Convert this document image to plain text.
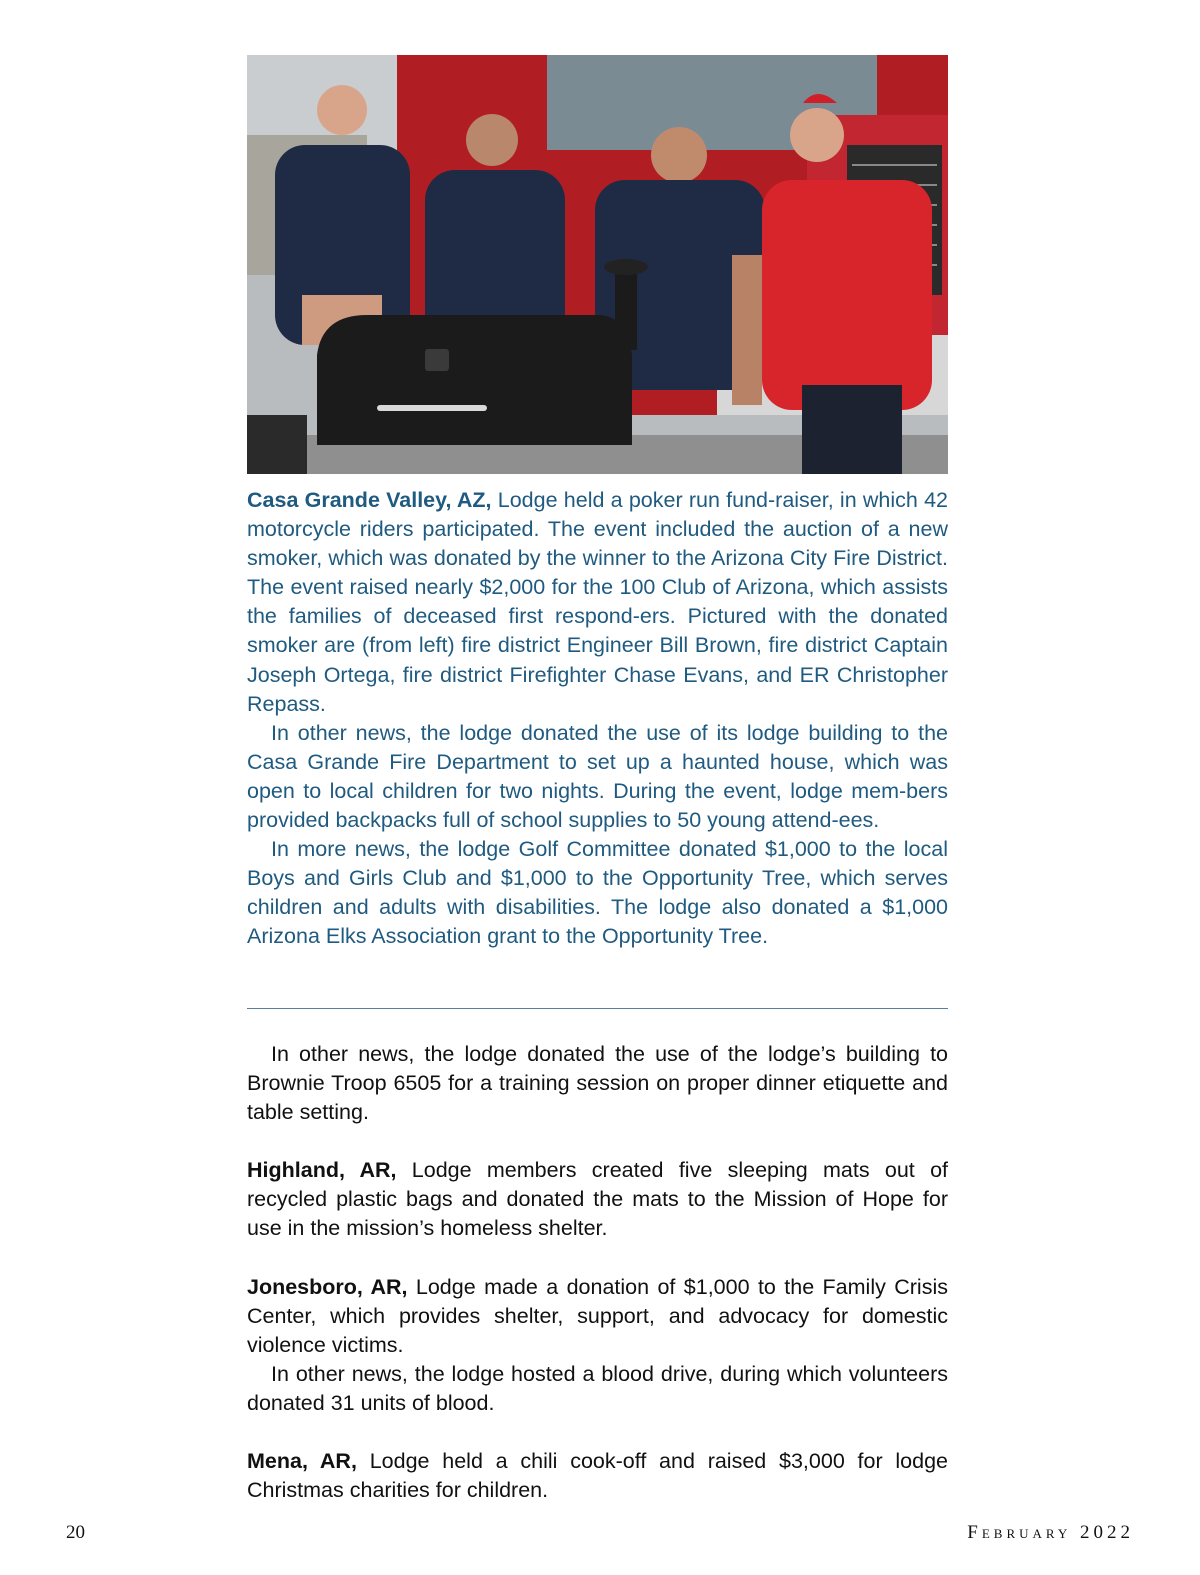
Casa Grande Valley, AZ, Lodge held a poker run fund-raiser, in which 42 motorcycle riders participated. The event included the auction of a new smoker, which was donated by the winner to the Arizona City Fire District. The event raised nearly $2,000 for the 100 Club of Arizona, which assists the families of deceased first respond-ers. Pictured with the donated smoker are (from left) fire district Engineer Bill Brown, fire district Captain Joseph Ortega, fire district Firefighter Chase Evans, and ER Christopher Repass.

In other news, the lodge donated the use of its lodge building to the Casa Grande Fire Department to set up a haunted house, which was open to local children for two nights. During the event, lodge mem-bers provided backpacks full of school supplies to 50 young attend-ees.

In more news, the lodge Golf Committee donated $1,000 to the local Boys and Girls Club and $1,000 to the Opportunity Tree, which serves children and adults with disabilities. The lodge also donated a $1,000 Arizona Elks Association grant to the Opportunity Tree.

In other news, the lodge donated the use of the lodge’s building to Brownie Troop 6505 for a training session on proper dinner etiquette and table setting.

Highland, AR, Lodge members created five sleeping mats out of recycled plastic bags and donated the mats to the Mission of Hope for use in the mission’s homeless shelter.

Jonesboro, AR, Lodge made a donation of $1,000 to the Family Crisis Center, which provides shelter, support, and advocacy for domestic violence victims.

In other news, the lodge hosted a blood drive, during which volunteers donated 31 units of blood.

Mena, AR, Lodge held a chili cook-off and raised $3,000 for lodge Christmas charities for children.

20	February 2022
